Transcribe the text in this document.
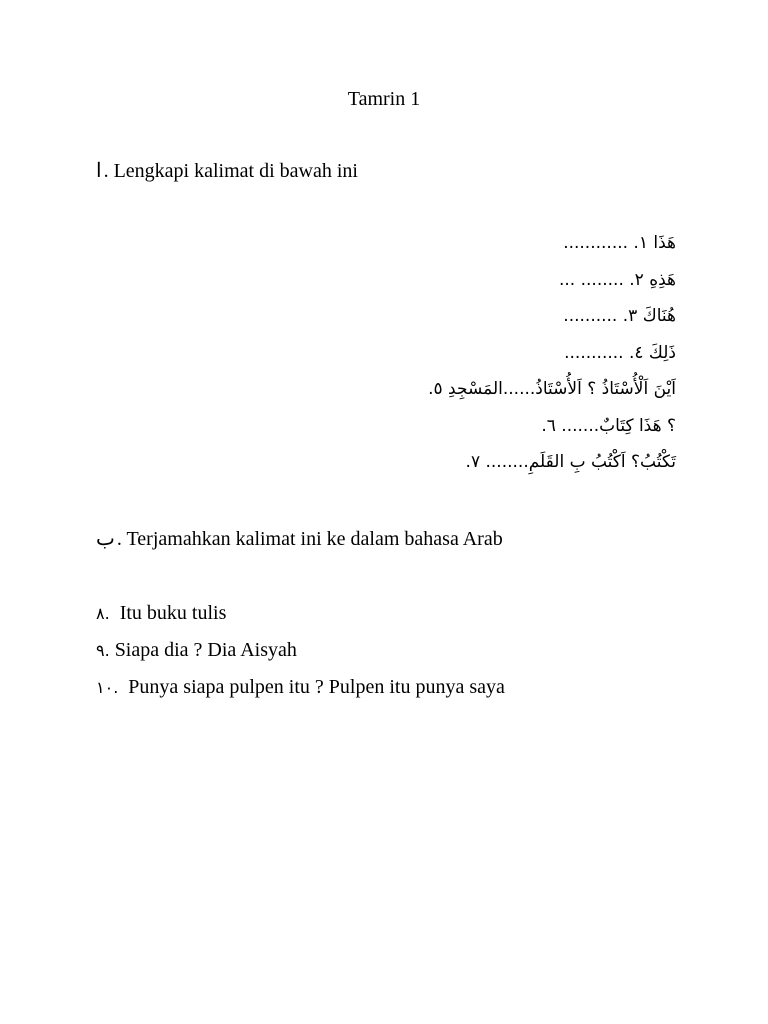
Tamrin 1
ا . Lengkapi kalimat di bawah ini
هَذَا ١. ............
هَذِهِ ٢. ........ ...
هُنَاكَ ٣. ..........
ذَلِكَ ٤. ...........
اَيْنَ اَلْأُسْتَاذُ ؟ اَلأُسْتَاذُ......المَسْجِدِ ٥.
؟ هَذَا كِتَابٌ....... ٦.
تَكْتُبُ؟ اَكْتُبُ بِ القَلَمِ........ ٧.
ب . Terjamahkan kalimat ini ke dalam bahasa Arab
٨.  Itu buku tulis
٩. Siapa dia ? Dia Aisyah
١٠.  Punya siapa pulpen itu ? Pulpen itu punya saya
